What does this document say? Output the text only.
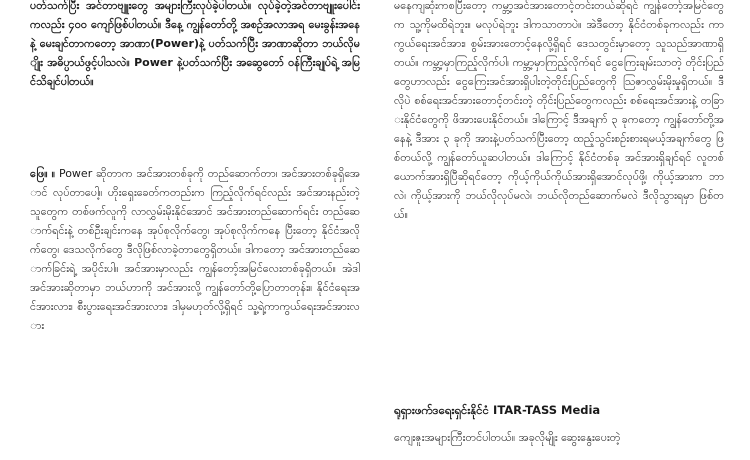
ပတ်သက်ပြီး အင်တာဗျူးတွေ အများကြီးလုပ်ခဲ့ပါတယ်။ လုပ်ခဲ့တဲ့အင်တာဗျူးပေါင်းကလည်း ၄၀၀ ကျော်ဖြစ်ပါတယ်။ ဒီနေ့ ကျွန်တော်တို့ အစဉ်အလာအရ မေးခွန်းအနေနဲ့ မေးချင်တာကတော့ အာဏာ(Power)နဲ့ ပတ်သက်ပြီး အာဏာဆိုတာ ဘယ်လိုမျိုး အဓိပ္ပာယ်ဖွင့်ပါသလဲ။ Power နဲ့ပတ်သက်ပြီး အဆွေတော် ၀န်ကြီးချုပ်ရဲ့ အမြင်သိချင်ပါတယ်။

ဖြေ။ ။ Power ဆိုတာက အင်အားတစ်ခုကို တည်ဆောက်တာ၊ အင်အားတစ်ခုရှိအောင် လုပ်တာပေါ့။ ဟိုးရှေးခေတ်ကတည်းက ကြည့်လိုက်ရင်လည်း အင်အားနည်းတဲ့သူတွေက တစ်ဖက်လူကို လာလွှမ်းမိုးနိုင်အောင် အင်အားတည်ဆောက်ရင်း တည်ဆောက်ရင်းနဲ့ တစ်ဦးချင်းကနေ အုပ်စုလိုက်တွေ၊ အုပ်စုလိုက်ကနေ ပြီးတော့ နိုင်ငံအလိုက်တွေ၊ ဒေသလိုက်တွေ ဒီလိုဖြစ်လာခဲ့တာတွေရှိတယ်။ ဒါကတော့ အင်အားတည်ဆောက်ခြင်းရဲ့ အပိုင်းပါ။ အင်အားမှာလည်း ကျွန်တော့်အမြင်လေးတစ်ခုရှိတယ်။ အဲဒါ အင်အားဆိုတာမှာ ဘယ်ဟာကို အင်အားလို့ ကျွန်တော်တို့ပြောတာတုန်း။ နိုင်ငံရေးအင်အားလား၊ စီးပွားရေးအင်အားလား၊ ဒါမှမဟုတ်လို့ရှိရင် သူ့ရဲ့ကာကွယ်ရေးအင်အားလား

မနေကျဆုံးကစပြီးတော့ ကမ္ဘာ့အင်အားတောင့်တင်းတယ်ဆိုရင် ကျွန်တော့်အမြင်တွေက သူ့ကိုမထိရဲဘူး။ မလုပ်ရဲဘူး ဒါကသာတာပဲ။ အဲဒီတော့ နိုင်ငံတစ်ခုကလည်း ကာကွယ်ရေးအင်အား၊ စွမ်းအားတောင့်နေလို့ရှိရင် ဒေသတွင်းမှာတော့ သူသည်အာဏာရှိတယ်။ ကမ္ဘာ့မှာကြည့်လိုက်ပါ၊ ကမ္ဘာ့မှာကြည့်လိုက်ရင် ငွေကြေးချမ်းသာတဲ့ တိုင်းပြည်တွေဟာလည်း ငွေကြေးအင်အားရှိပါးတဲ့တိုင်းပြည်တွေကို ဩဇာလွှမ်းမိုးမှုရှိတယ်။ ဒီလိုပဲ စစ်ရေးအင်အားတောင့်တင်းတဲ့ တိုင်းပြည်တွေကလည်း စစ်ရေးအင်အားနဲ့ တခြားနိုင်ငံတွေကို ဖိအားပေးနိုင်တယ်။ ဒါကြောင့် ဒီအချက် ၃ ခုကတော့ ကျွန်တော်တို့အနေနဲ့ ဒီအား ၃ ခုကို အားနဲ့ပတ်သက်ပြီးတော့ ထည့်သွင်းစဉ်းစားရမယ့်အချက်တွေ ဖြစ်တယ်လို့ ကျွန်တော်ယူဆပါတယ်။ ဒါကြောင့် နိုင်ငံတစ်ခု အင်အားရှိချင်ရင် လူတစ်ယောက်အားရှိပြီဆိုရင်တော့ ကိုယ့်ကိုယ်ကိုယ်အားရှိအောင်လုပ်ဖို့၊ ကိုယ့်အားက ဘာလဲ၊ ကိုယ့်အားကို ဘယ်လိုလုပ်မလဲ၊ ဘယ်လိုတည်ဆောက်မလဲ ဒီလိုသွားရမှာ ဖြစ်တယ်။

ရုရှားဖက်ဒရေးရှင်းနိုင်ငံ ITAR-TASS Media

ကျေးဇူးအများကြီးတင်ပါတယ်။ အခုလိုမျိုး ဆွေးနွေးပေးတဲ့
